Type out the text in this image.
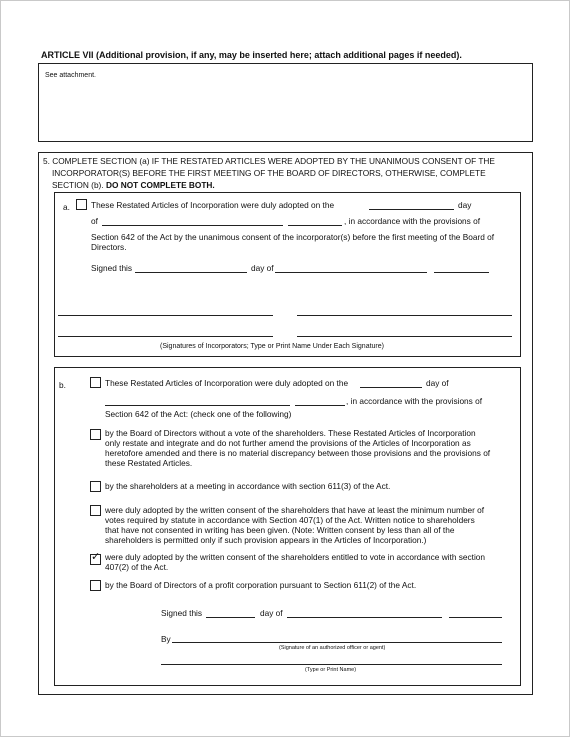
ARTICLE VII (Additional provision, if any, may be inserted here; attach additional pages if needed).
See attachment.
5. COMPLETE SECTION (a) IF THE RESTATED ARTICLES WERE ADOPTED BY THE UNANIMOUS CONSENT OF THE
INCORPORATOR(S) BEFORE THE FIRST MEETING OF THE BOARD OF DIRECTORS, OTHERWISE, COMPLETE
SECTION (b). DO NOT COMPLETE BOTH.
a.	These Restated Articles of Incorporation were duly adopted on the	day
of	, in accordance with the provisions of
Section 642 of the Act by the unanimous consent of the incorporator(s) before the first meeting of the Board of
Directors.
Signed this	day of
(Signatures of Incorporators; Type or Print Name Under Each Signature)
b.	These Restated Articles of Incorporation were duly adopted on the	day of
, in accordance with the provisions of
Section 642 of the Act: (check one of the following)
by the Board of Directors without a vote of the shareholders. These Restated Articles of Incorporation
only restate and integrate and do not further amend the provisions of the Articles of Incorporation as
heretofore amended and there is no material discrepancy between those provisions and the provisions of
these Restated Articles.
by the shareholders at a meeting in accordance with section 611(3) of the Act.
were duly adopted by the written consent of the shareholders that have at least the minimum number of
votes required by statute in accordance with Section 407(1) of the Act. Written notice to shareholders
that have not consented in writing has been given. (Note: Written consent by less than all of the
shareholders is permitted only if such provision appears in the Articles of Incorporation.)
✓ were duly adopted by the written consent of the shareholders entitled to vote in accordance with section
407(2) of the Act.
by the Board of Directors of a profit corporation pursuant to Section 611(2) of the Act.
Signed this	day of
By
(Signature of an authorized officer or agent)
(Type or Print Name)
